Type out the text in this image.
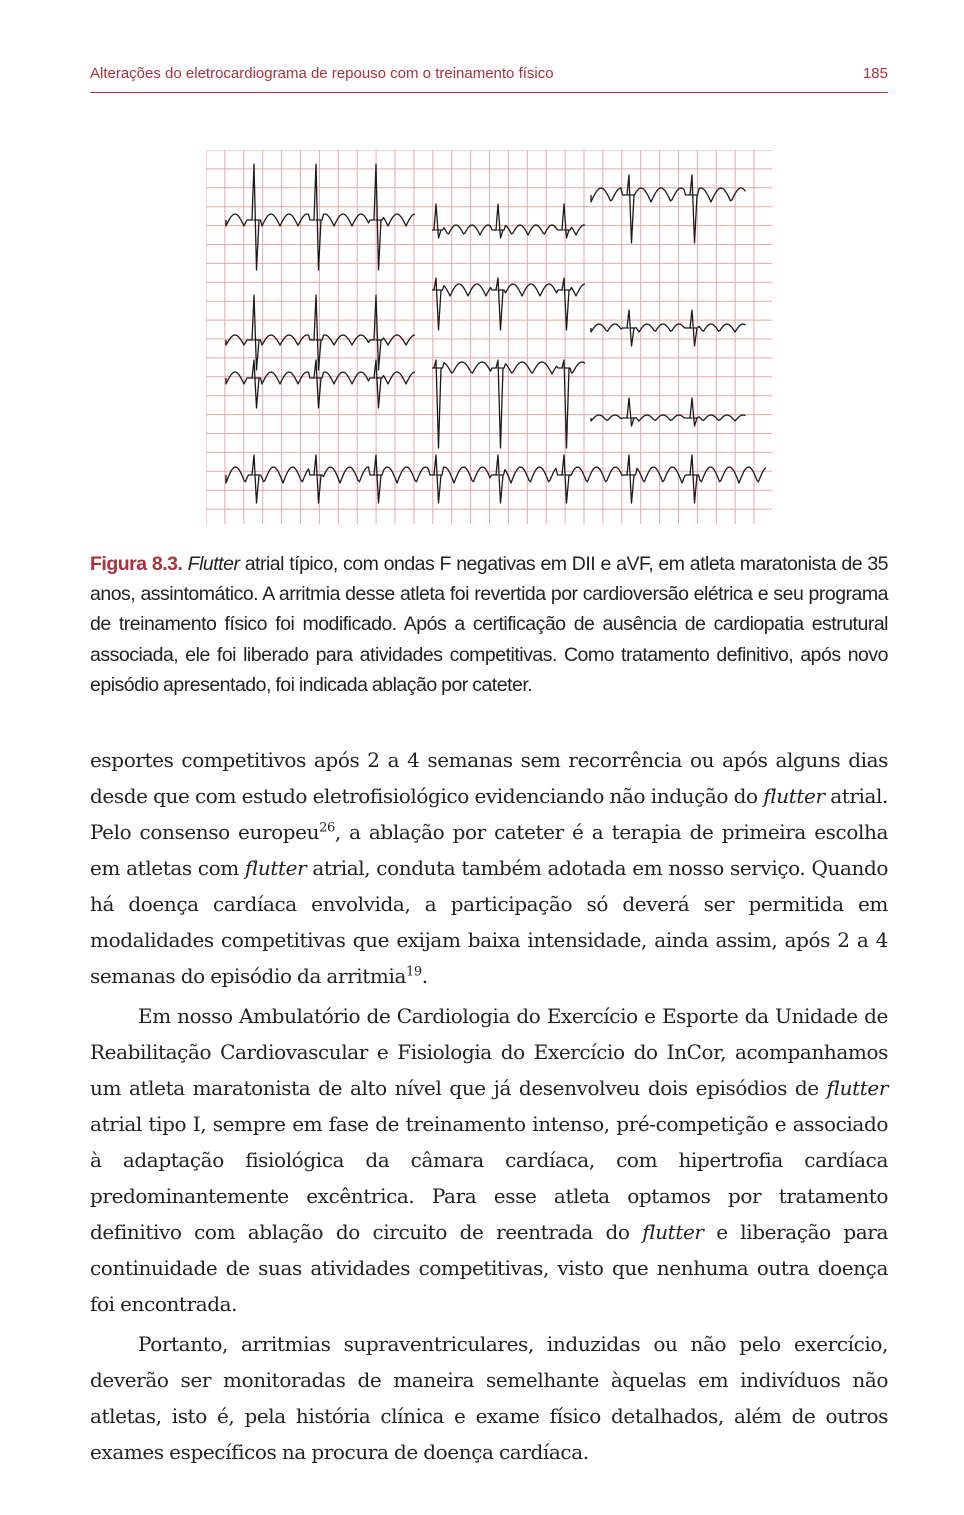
Alterações do eletrocardiograma de repouso com o treinamento físico	185
Figura 8.3. Flutter atrial típico, com ondas F negativas em DII e aVF, em atleta maratonista de 35 anos, assintomático. A arritmia desse atleta foi revertida por cardioversão elétrica e seu programa de treinamento físico foi modificado. Após a certificação de ausência de cardiopatia estrutural associada, ele foi liberado para atividades competitivas. Como tratamento definitivo, após novo episódio apresentado, foi indicada ablação por cateter.

esportes competitivos após 2 a 4 semanas sem recorrência ou após alguns dias desde que com estudo eletrofisiológico evidenciando não indução do flutter atrial. Pelo consenso europeu$^{26}$, a ablação por cateter é a terapia de primeira escolha em atletas com flutter atrial, conduta também adotada em nosso serviço. Quando há doença cardíaca envolvida, a participação só deverá ser permitida em modalidades competitivas que exijam baixa intensidade, ainda assim, após 2 a 4 semanas do episódio da arritmia$^{19}$.

Em nosso Ambulatório de Cardiologia do Exercício e Esporte da Unidade de Reabilitação Cardiovascular e Fisiologia do Exercício do InCor, acompanhamos um atleta maratonista de alto nível que já desenvolveu dois episódios de flutter atrial tipo I, sempre em fase de treinamento intenso, pré-competição e associado à adaptação fisiológica da câmara cardíaca, com hipertrofia cardíaca predominantemente excêntrica. Para esse atleta optamos por tratamento definitivo com ablação do circuito de reentrada do flutter e liberação para continuidade de suas atividades competitivas, visto que nenhuma outra doença foi encontrada.

Portanto, arritmias supraventriculares, induzidas ou não pelo exercício, deverão ser monitoradas de maneira semelhante àquelas em indivíduos não atletas, isto é, pela história clínica e exame físico detalhados, além de outros exames específicos na procura de doença cardíaca.
